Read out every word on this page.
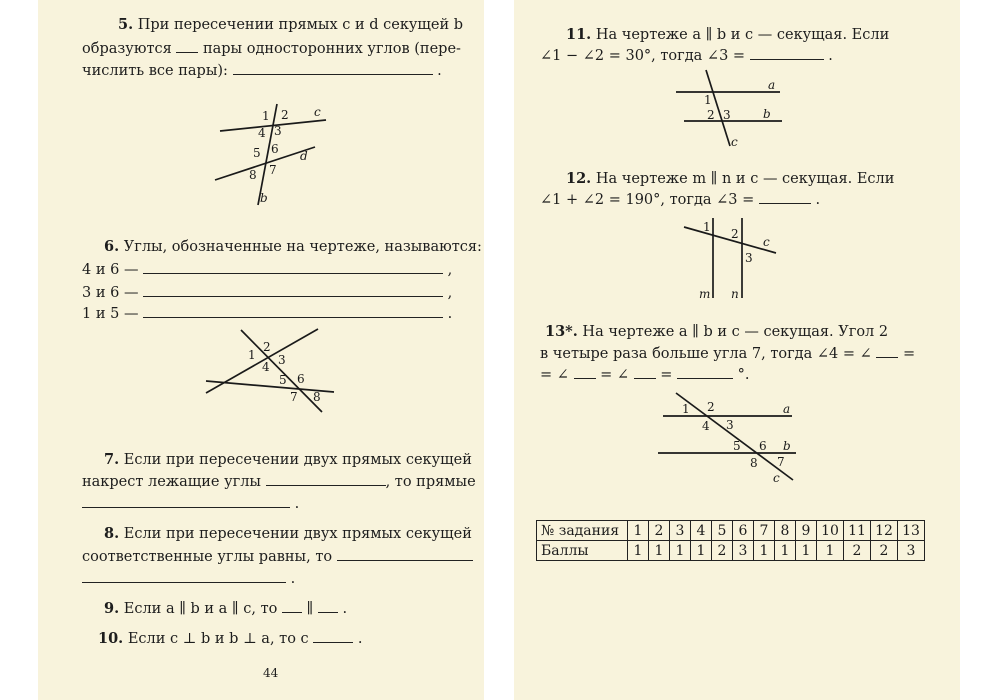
5. При пересечении прямых c и d секущей b
образуются пары односторонних углов (пере-
числить все пары):	.
1 2
3
4
5 6
7
8
c
d
b
6. Углы, обозначенные на чертеже, называются:
4 и 6 —	,
3 и 6 —	,
1 и 5 —	.
1
2
3
4
5 6
7 8
7. Если при пересечении двух прямых секущей
накрест лежащие углы	, то прямые
.
8. Если при пересечении двух прямых секущей
соответственные углы равны, то
.
9. Если a ∥ b и a ∥ c, то ∥ .
10. Если c ⊥ b и b ⊥ a, то c	.
44
11. На чертеже a ∥ b и c — секущая. Если
∠1 − ∠2 = 30°, тогда ∠3 =	.
1
2 3
a
b
c
12. На чертеже m ∥ n и c — секущая. Если
∠1 + ∠2 = 190°, тогда ∠3 =	.
1 2
3
c
m n
13*. На чертеже a ∥ b и c — секущая. Угол 2
в четыре раза больше угла 7, тогда ∠4 = ∠ =
= ∠ = ∠ =	°.
1 2
3
4
5 6
7
8
a
b
c
№ задания	1	2	3	4	5	6	7	8	9	10	11	12	13
Баллы	1	1	1	1	2	3	1	1	1	1	2	2	3
